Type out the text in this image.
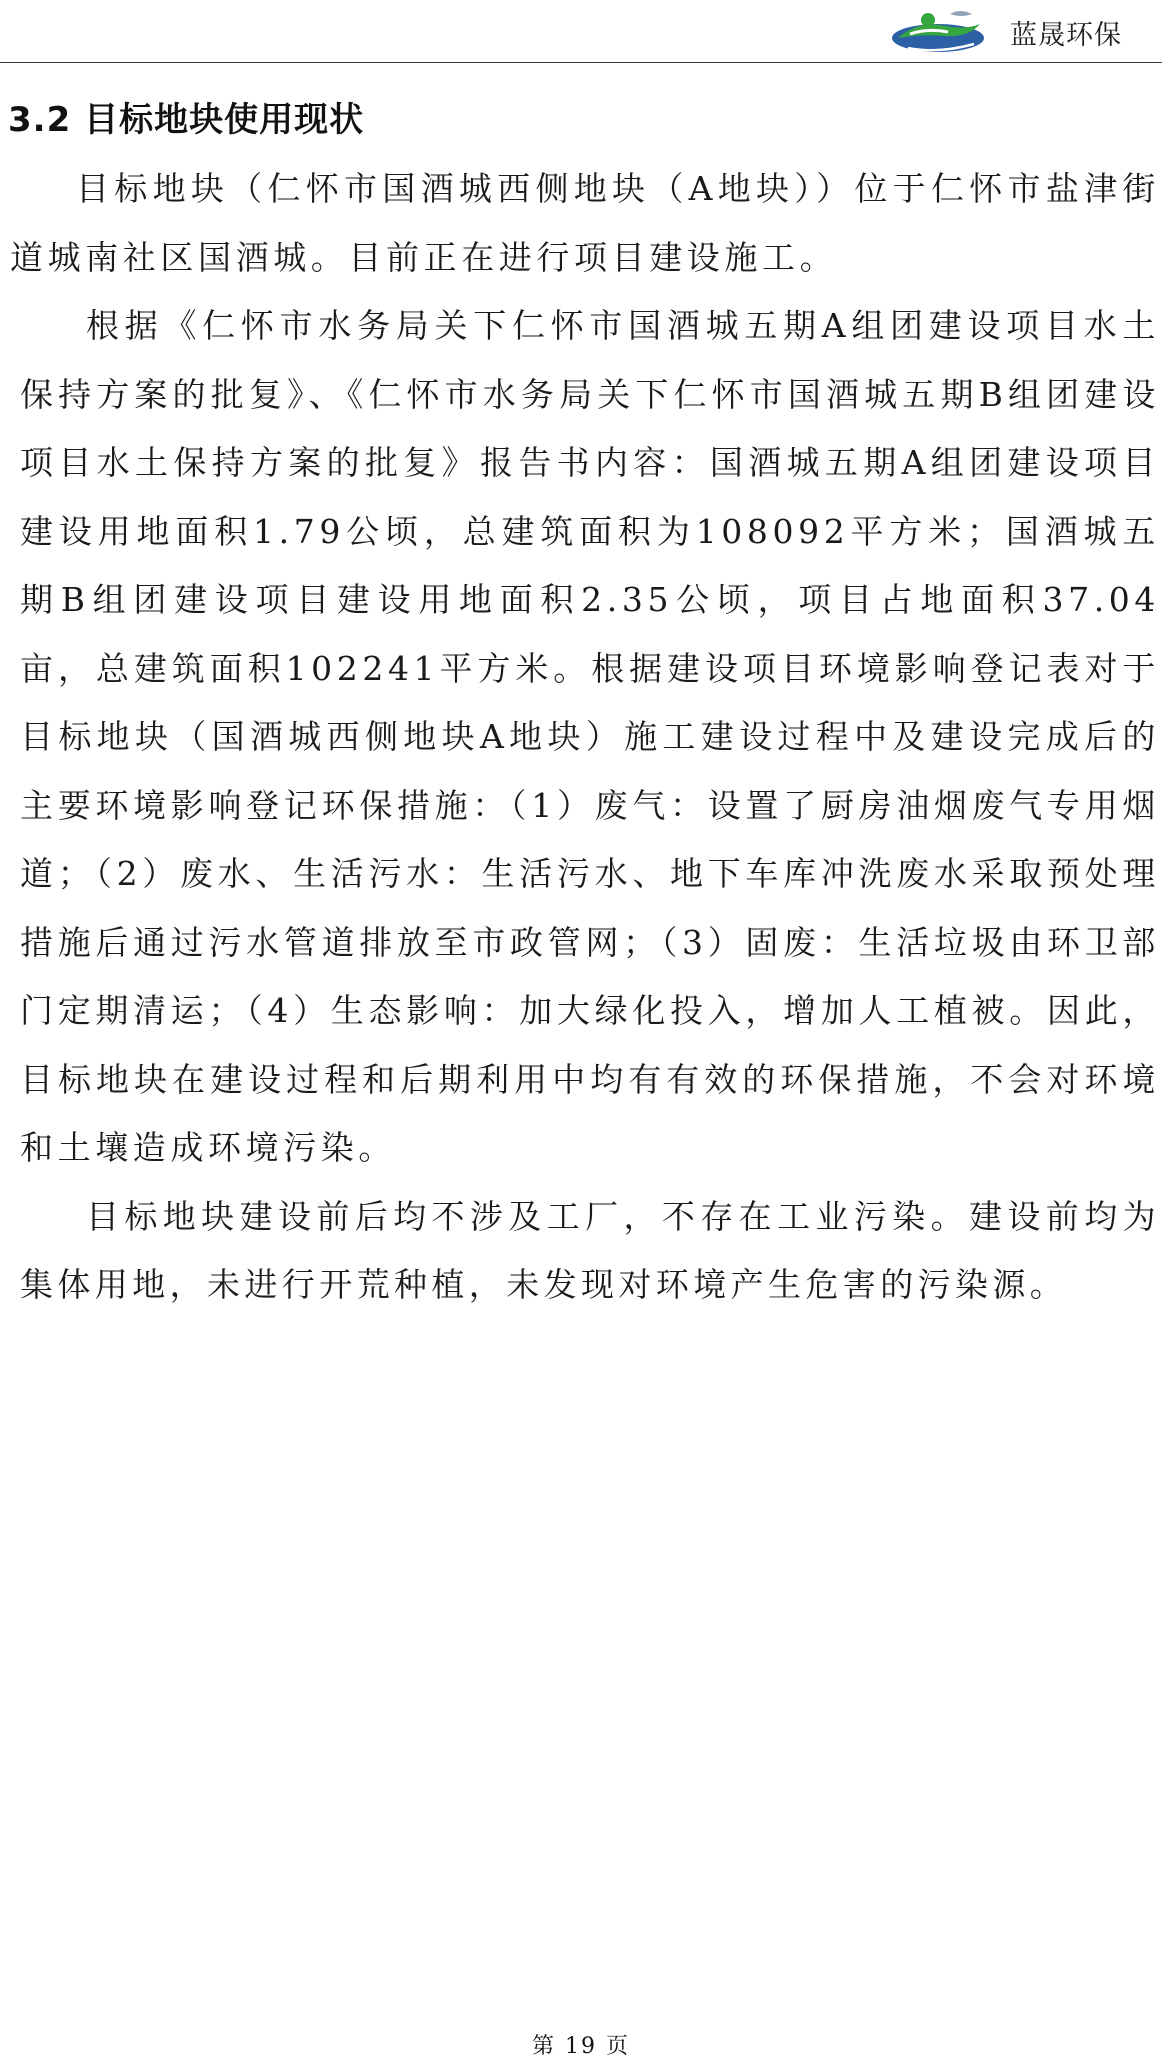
蓝晟环保
3.2 目标地块使用现状

目标地块（仁怀市国酒城西侧地块（A地块））位于仁怀市盐津街道城南社区国酒城。目前正在进行项目建设施工。

根据《仁怀市水务局关下仁怀市国酒城五期A组团建设项目水土保持方案的批复》、《仁怀市水务局关下仁怀市国酒城五期B组团建设项目水土保持方案的批复》报告书内容：国酒城五期A组团建设项目建设用地面积1.79公顷，总建筑面积为108092平方米；国酒城五期B组团建设项目建设用地面积2.35公顷，项目占地面积37.04亩，总建筑面积102241平方米。根据建设项目环境影响登记表对于目标地块（国酒城西侧地块A地块）施工建设过程中及建设完成后的主要环境影响登记环保措施：（1）废气：设置了厨房油烟废气专用烟道；（2）废水、生活污水：生活污水、地下车库冲洗废水采取预处理措施后通过污水管道排放至市政管网；（3）固废：生活垃圾由环卫部门定期清运；（4）生态影响：加大绿化投入，增加人工植被。因此，目标地块在建设过程和后期利用中均有有效的环保措施，不会对环境和土壤造成环境污染。

目标地块建设前后均不涉及工厂，不存在工业污染。建设前均为集体用地，未进行开荒种植，未发现对环境产生危害的污染源。

第 19 页
